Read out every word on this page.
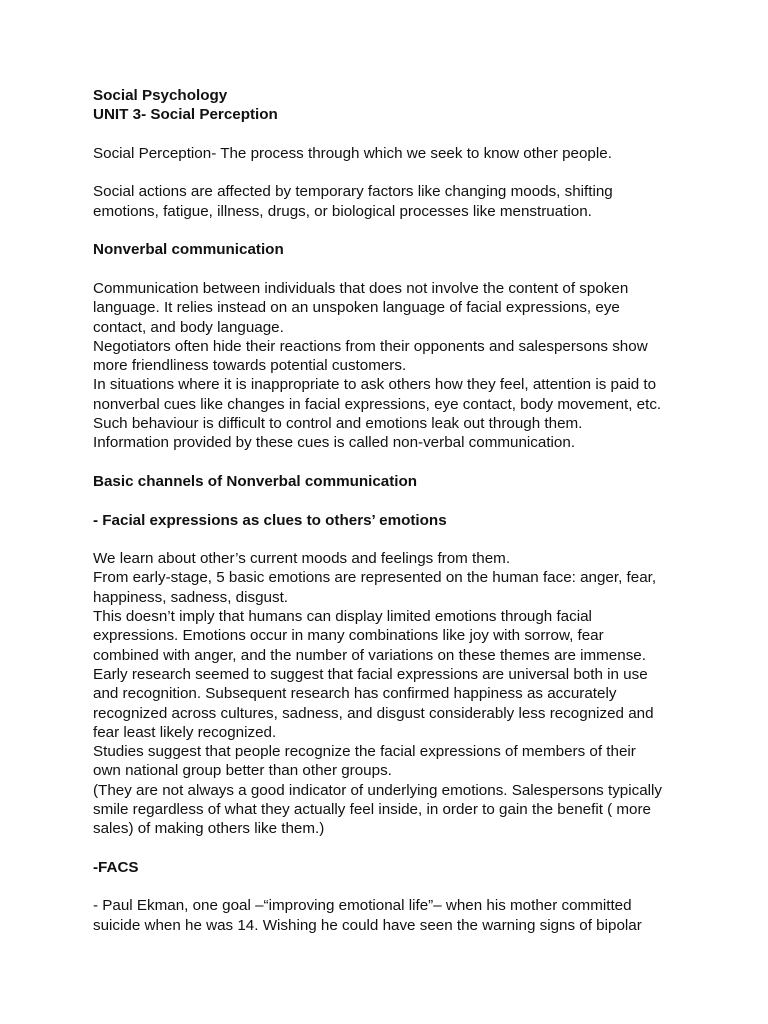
Social Psychology
UNIT 3- Social Perception
Social Perception- The process through which we seek to know other people.
Social actions are affected by temporary factors like changing moods, shifting
emotions, fatigue, illness, drugs, or biological processes like menstruation.
Nonverbal communication
Communication between individuals that does not involve the content of spoken
language. It relies instead on an unspoken language of facial expressions, eye
contact, and body language.
Negotiators often hide their reactions from their opponents and salespersons show
more friendliness towards potential customers.
In situations where it is inappropriate to ask others how they feel, attention is paid to
nonverbal cues like changes in facial expressions, eye contact, body movement, etc.
Such behaviour is difficult to control and emotions leak out through them.
Information provided by these cues is called non-verbal communication.
Basic channels of Nonverbal communication
- Facial expressions as clues to others’ emotions
We learn about other’s current moods and feelings from them.
From early-stage, 5 basic emotions are represented on the human face: anger, fear,
happiness, sadness, disgust.
This doesn’t imply that humans can display limited emotions through facial
expressions. Emotions occur in many combinations like joy with sorrow, fear
combined with anger, and the number of variations on these themes are immense.
Early research seemed to suggest that facial expressions are universal both in use
and recognition. Subsequent research has confirmed happiness as accurately
recognized across cultures, sadness, and disgust considerably less recognized and
fear least likely recognized.
Studies suggest that people recognize the facial expressions of members of their
own national group better than other groups.
(They are not always a good indicator of underlying emotions. Salespersons typically
smile regardless of what they actually feel inside, in order to gain the benefit ( more
sales) of making others like them.)
-FACS
- Paul Ekman, one goal –“improving emotional life”– when his mother committed
suicide when he was 14. Wishing he could have seen the warning signs of bipolar
